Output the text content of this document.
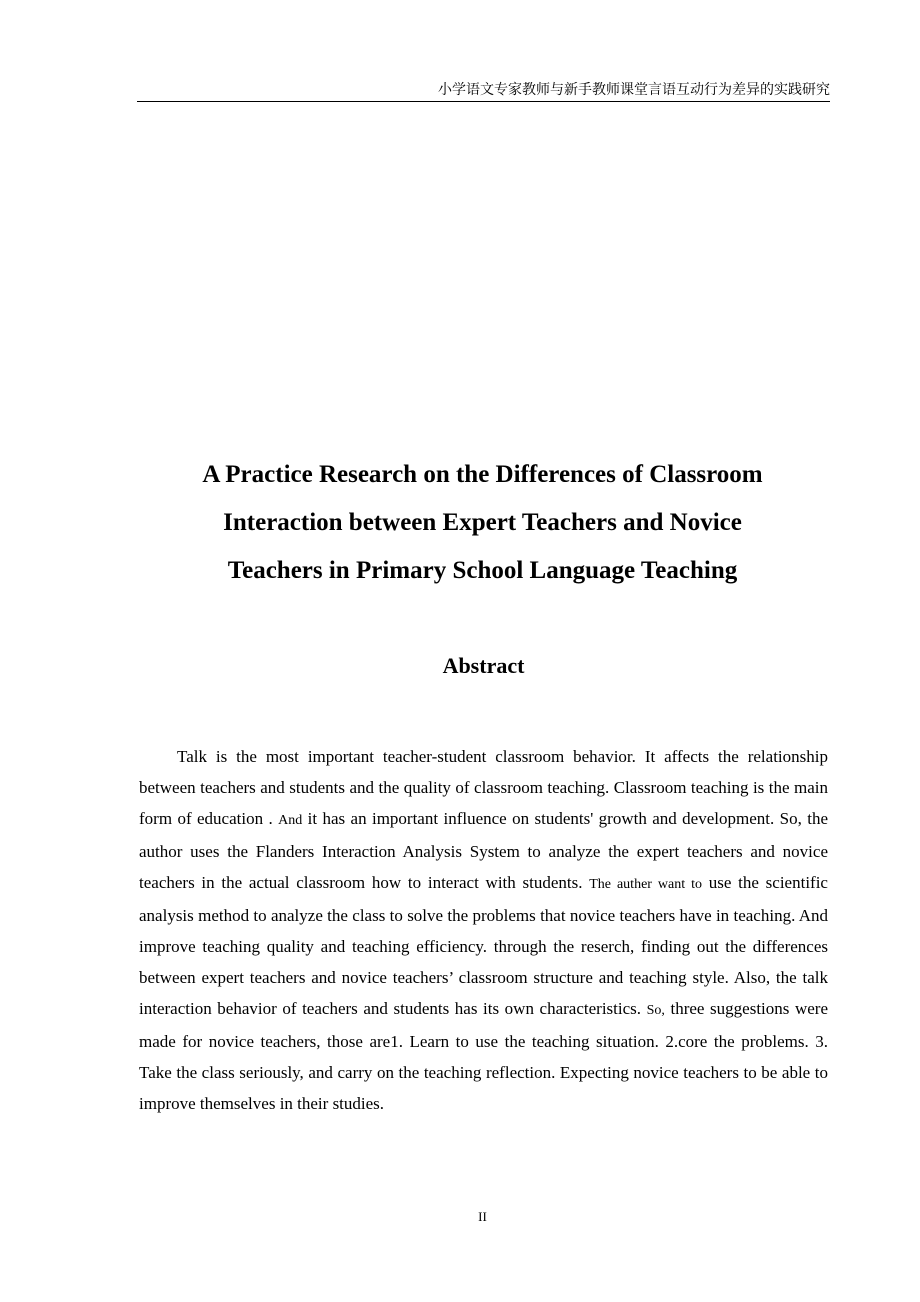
小学语文专家教师与新手教师课堂言语互动行为差异的实践研究
A Practice Research on the Differences of Classroom
Interaction between Expert Teachers and Novice
Teachers in Primary School Language Teaching
Abstract

Talk is the most important teacher-student classroom behavior. It affects the relationship between teachers and students and the quality of classroom teaching. Classroom teaching is the main form of education . And it has an important influence on students' growth and development. So, the author uses the Flanders Interaction Analysis System to analyze the expert teachers and novice teachers in the actual classroom how to interact with students. The auther want to use the scientific analysis method to analyze the class to solve the problems that novice teachers have in teaching. And improve teaching quality and teaching efficiency. through the reserch, finding out the differences between expert teachers and novice teachers’ classroom structure and teaching style. Also, the talk interaction behavior of teachers and students has its own characteristics. So, three suggestions were made for novice teachers, those are1. Learn to use the teaching situation. 2.core the problems. 3. Take the class seriously, and carry on the teaching reflection. Expecting novice teachers to be able to improve themselves in their studies.

II
